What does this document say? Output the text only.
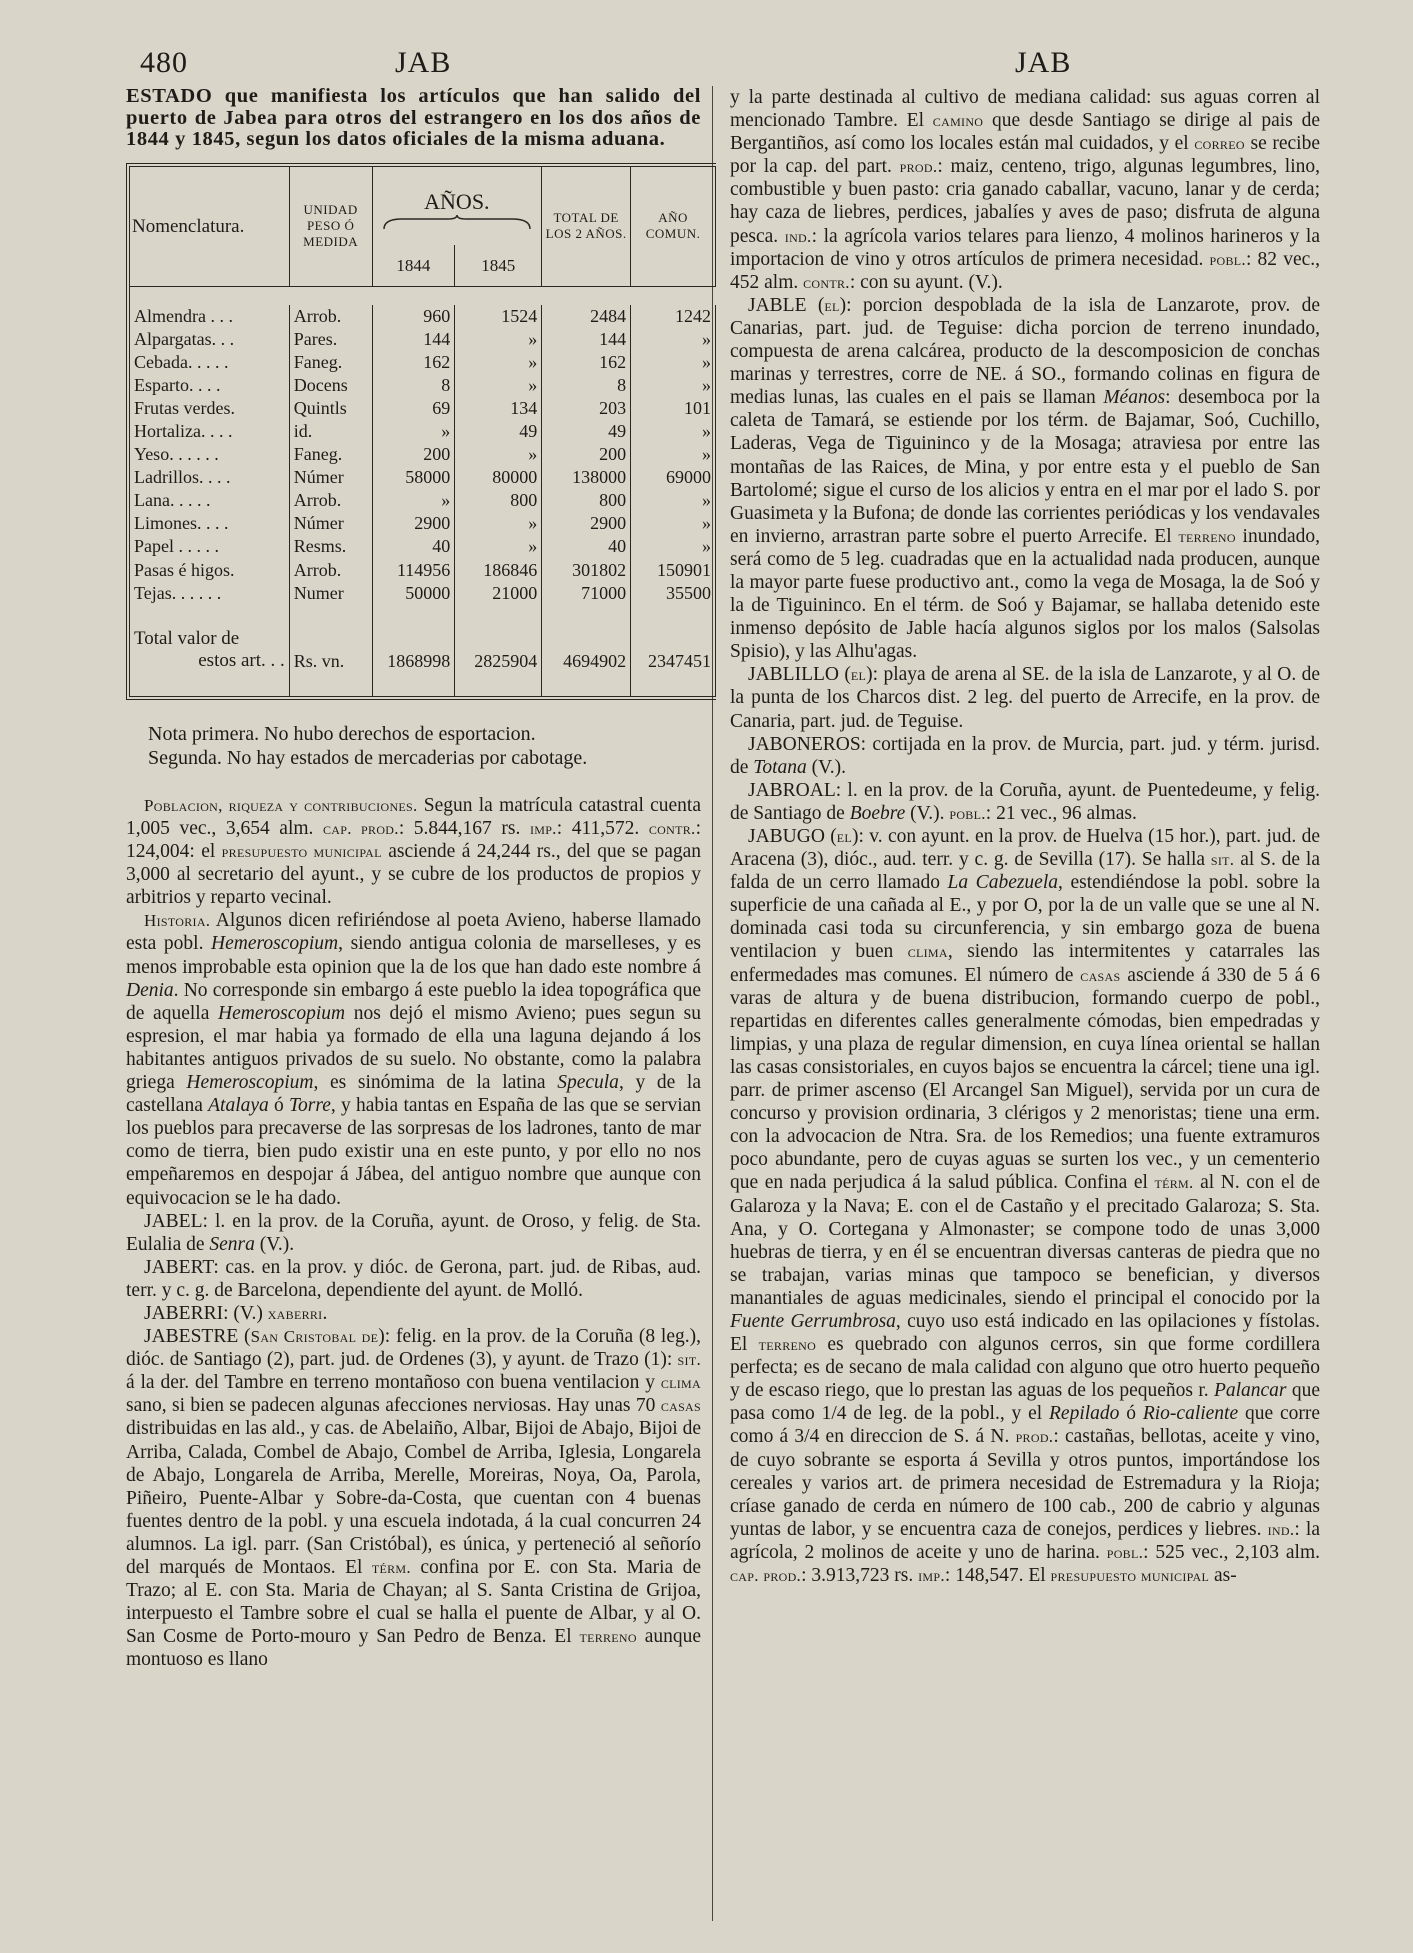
480	JAB	JAB

ESTADO que manifiesta los artículos que han salido del puerto de Jabea para otros del estrangero en los dos años de 1844 y 1845, segun los datos oficiales de la misma aduana.

Nomenclatura.	UNIDAD PESO Ó MEDIDA	AÑOS.		TOTAL DE LOS 2 AÑOS.	AÑO COMUN.
		1844	1845		

Almendra . . .	Arrob.	960	1524	2484	1242
Alpargatas. . .	Pares.	144	»	144	»
Cebada. . . . .	Faneg.	162	»	162	»
Esparto. . . .	Docens	8	»	8	»
Frutas verdes.	Quintls	69	134	203	101
Hortaliza. . . .	id.	»	49	49	»
Yeso. . . . . .	Faneg.	200	»	200	»
Ladrillos. . . .	Númer	58000	80000	138000	69000
Lana. . . . .	Arrob.	»	800	800	»
Limones. . . .	Númer	2900	»	2900	»
Papel . . . . .	Resms.	40	»	40	»
Pasas é higos.	Arrob.	114956	186846	301802	150901
Tejas. . . . . .	Numer	50000	21000	71000	35500

Total valor de
estos art. . .	Rs. vn.	1868998	2825904	4694902	2347451

Nota primera. No hubo derechos de esportacion.
Segunda. No hay estados de mercaderias por cabotage.

Poblacion, riqueza y contribuciones. Segun la matrícula catastral cuenta 1,005 vec., 3,654 alm. cap. prod.: 5.844,167 rs. imp.: 411,572. contr.: 124,004: el presupuesto municipal asciende á 24,244 rs., del que se pagan 3,000 al secretario del ayunt., y se cubre de los productos de propios y arbitrios y reparto vecinal.

Historia. Algunos dicen refiriéndose al poeta Avieno, haberse llamado esta pobl. Hemeroscopium, siendo antigua colonia de marselleses, y es menos improbable esta opinion que la de los que han dado este nombre á Denia. No corresponde sin embargo á este pueblo la idea topográfica que de aquella Hemeroscopium nos dejó el mismo Avieno; pues segun su espresion, el mar habia ya formado de ella una laguna dejando á los habitantes antiguos privados de su suelo. No obstante, como la palabra griega Hemeroscopium, es sinómima de la latina Specula, y de la castellana Atalaya ó Torre, y habia tantas en España de las que se servian los pueblos para precaverse de las sorpresas de los ladrones, tanto de mar como de tierra, bien pudo existir una en este punto, y por ello no nos empeñaremos en despojar á Jábea, del antiguo nombre que aunque con equivocacion se le ha dado.

JABEL: l. en la prov. de la Coruña, ayunt. de Oroso, y felig. de Sta. Eulalia de Senra (V.).

JABERT: cas. en la prov. y dióc. de Gerona, part. jud. de Ribas, aud. terr. y c. g. de Barcelona, dependiente del ayunt. de Molló.

JABERRI: (V.) xaberri.

JABESTRE (San Cristobal de): felig. en la prov. de la Coruña (8 leg.), dióc. de Santiago (2), part. jud. de Ordenes (3), y ayunt. de Trazo (1): sit. á la der. del Tambre en terreno montañoso con buena ventilacion y clima sano, si bien se padecen algunas afecciones nerviosas. Hay unas 70 casas distribuidas en las ald., y cas. de Abelaiño, Albar, Bijoi de Abajo, Bijoi de Arriba, Calada, Combel de Abajo, Combel de Arriba, Iglesia, Longarela de Abajo, Longarela de Arriba, Merelle, Moreiras, Noya, Oa, Parola, Piñeiro, Puente-Albar y Sobre-da-Costa, que cuentan con 4 buenas fuentes dentro de la pobl. y una escuela indotada, á la cual concurren 24 alumnos. La igl. parr. (San Cristóbal), es única, y perteneció al señorío del marqués de Montaos. El térm. confina por E. con Sta. Maria de Trazo; al E. con Sta. Maria de Chayan; al S. Santa Cristina de Grijoa, interpuesto el Tambre sobre el cual se halla el puente de Albar, y al O. San Cosme de Porto-mouro y San Pedro de Benza. El terreno aunque montuoso es llano

y la parte destinada al cultivo de mediana calidad: sus aguas corren al mencionado Tambre. El camino que desde Santiago se dirige al pais de Bergantiños, así como los locales están mal cuidados, y el correo se recibe por la cap. del part. prod.: maiz, centeno, trigo, algunas legumbres, lino, combustible y buen pasto: cria ganado caballar, vacuno, lanar y de cerda; hay caza de liebres, perdices, jabalíes y aves de paso; disfruta de alguna pesca. ind.: la agrícola varios telares para lienzo, 4 molinos harineros y la importacion de vino y otros artículos de primera necesidad. pobl.: 82 vec., 452 alm. contr.: con su ayunt. (V.).

JABLE (el): porcion despoblada de la isla de Lanzarote, prov. de Canarias, part. jud. de Teguise: dicha porcion de terreno inundado, compuesta de arena calcárea, producto de la descomposicion de conchas marinas y terrestres, corre de NE. á SO., formando colinas en figura de medias lunas, las cuales en el pais se llaman Méanos: desemboca por la caleta de Tamará, se estiende por los térm. de Bajamar, Soó, Cuchillo, Laderas, Vega de Tiguininco y de la Mosaga; atraviesa por entre las montañas de las Raices, de Mina, y por entre esta y el pueblo de San Bartolomé; sigue el curso de los alicios y entra en el mar por el lado S. por Guasimeta y la Bufona; de donde las corrientes periódicas y los vendavales en invierno, arrastran parte sobre el puerto Arrecife. El terreno inundado, será como de 5 leg. cuadradas que en la actualidad nada producen, aunque la mayor parte fuese productivo ant., como la vega de Mosaga, la de Soó y la de Tiguininco. En el térm. de Soó y Bajamar, se hallaba detenido este inmenso depósito de Jable hacía algunos siglos por los malos (Salsolas Spisio), y las Alhu'agas.

JABLILLO (el): playa de arena al SE. de la isla de Lanzarote, y al O. de la punta de los Charcos dist. 2 leg. del puerto de Arrecife, en la prov. de Canaria, part. jud. de Teguise.

JABONEROS: cortijada en la prov. de Murcia, part. jud. y térm. jurisd. de Totana (V.).

JABROAL: l. en la prov. de la Coruña, ayunt. de Puentedeume, y felig. de Santiago de Boebre (V.). pobl.: 21 vec., 96 almas.

JABUGO (el): v. con ayunt. en la prov. de Huelva (15 hor.), part. jud. de Aracena (3), dióc., aud. terr. y c. g. de Sevilla (17). Se halla sit. al S. de la falda de un cerro llamado La Cabezuela, estendiéndose la pobl. sobre la superficie de una cañada al E., y por O, por la de un valle que se une al N. dominada casi toda su circunferencia, y sin embargo goza de buena ventilacion y buen clima, siendo las intermitentes y catarrales las enfermedades mas comunes. El número de casas asciende á 330 de 5 á 6 varas de altura y de buena distribucion, formando cuerpo de pobl., repartidas en diferentes calles generalmente cómodas, bien empedradas y limpias, y una plaza de regular dimension, en cuya línea oriental se hallan las casas consistoriales, en cuyos bajos se encuentra la cárcel; tiene una igl. parr. de primer ascenso (El Arcangel San Miguel), servida por un cura de concurso y provision ordinaria, 3 clérigos y 2 menoristas; tiene una erm. con la advocacion de Ntra. Sra. de los Remedios; una fuente extramuros poco abundante, pero de cuyas aguas se surten los vec., y un cementerio que en nada perjudica á la salud pública. Confina el térm. al N. con el de Galaroza y la Nava; E. con el de Castaño y el precitado Galaroza; S. Sta. Ana, y O. Cortegana y Almonaster; se compone todo de unas 3,000 huebras de tierra, y en él se encuentran diversas canteras de piedra que no se trabajan, varias minas que tampoco se benefician, y diversos manantiales de aguas medicinales, siendo el principal el conocido por la Fuente Gerrumbrosa, cuyo uso está indicado en las opilaciones y fístolas. El terreno es quebrado con algunos cerros, sin que forme cordillera perfecta; es de secano de mala calidad con alguno que otro huerto pequeño y de escaso riego, que lo prestan las aguas de los pequeños r. Palancar que pasa como 1/4 de leg. de la pobl., y el Repilado ó Rio-caliente que corre como á 3/4 en direccion de S. á N. prod.: castañas, bellotas, aceite y vino, de cuyo sobrante se esporta á Sevilla y otros puntos, importándose los cereales y varios art. de primera necesidad de Estremadura y la Rioja; críase ganado de cerda en número de 100 cab., 200 de cabrio y algunas yuntas de labor, y se encuentra caza de conejos, perdices y liebres. ind.: la agrícola, 2 molinos de aceite y uno de harina. pobl.: 525 vec., 2,103 alm. cap. prod.: 3.913,723 rs. imp.: 148,547. El presupuesto municipal as-
